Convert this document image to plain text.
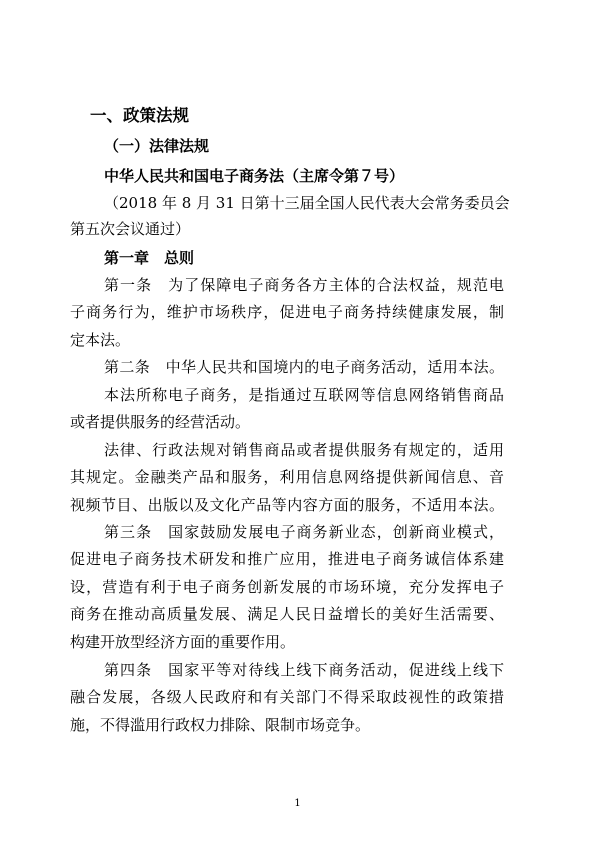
一、政策法规
（一）法律法规
中华人民共和国电子商务法（主席令第７号）
（2018 年 8 月 31 日第十三届全国人民代表大会常务委员会
第五次会议通过）
第一章　总则
第一条　为了保障电子商务各方主体的合法权益，规范电
子商务行为，维护市场秩序，促进电子商务持续健康发展，制
定本法。
第二条　中华人民共和国境内的电子商务活动，适用本法。
本法所称电子商务，是指通过互联网等信息网络销售商品
或者提供服务的经营活动。
法律、行政法规对销售商品或者提供服务有规定的，适用
其规定。金融类产品和服务，利用信息网络提供新闻信息、音
视频节目、出版以及文化产品等内容方面的服务，不适用本法。
第三条　国家鼓励发展电子商务新业态，创新商业模式，
促进电子商务技术研发和推广应用，推进电子商务诚信体系建
设，营造有利于电子商务创新发展的市场环境，充分发挥电子
商务在推动高质量发展、满足人民日益增长的美好生活需要、
构建开放型经济方面的重要作用。
第四条　国家平等对待线上线下商务活动，促进线上线下
融合发展，各级人民政府和有关部门不得采取歧视性的政策措
施，不得滥用行政权力排除、限制市场竞争。
1
